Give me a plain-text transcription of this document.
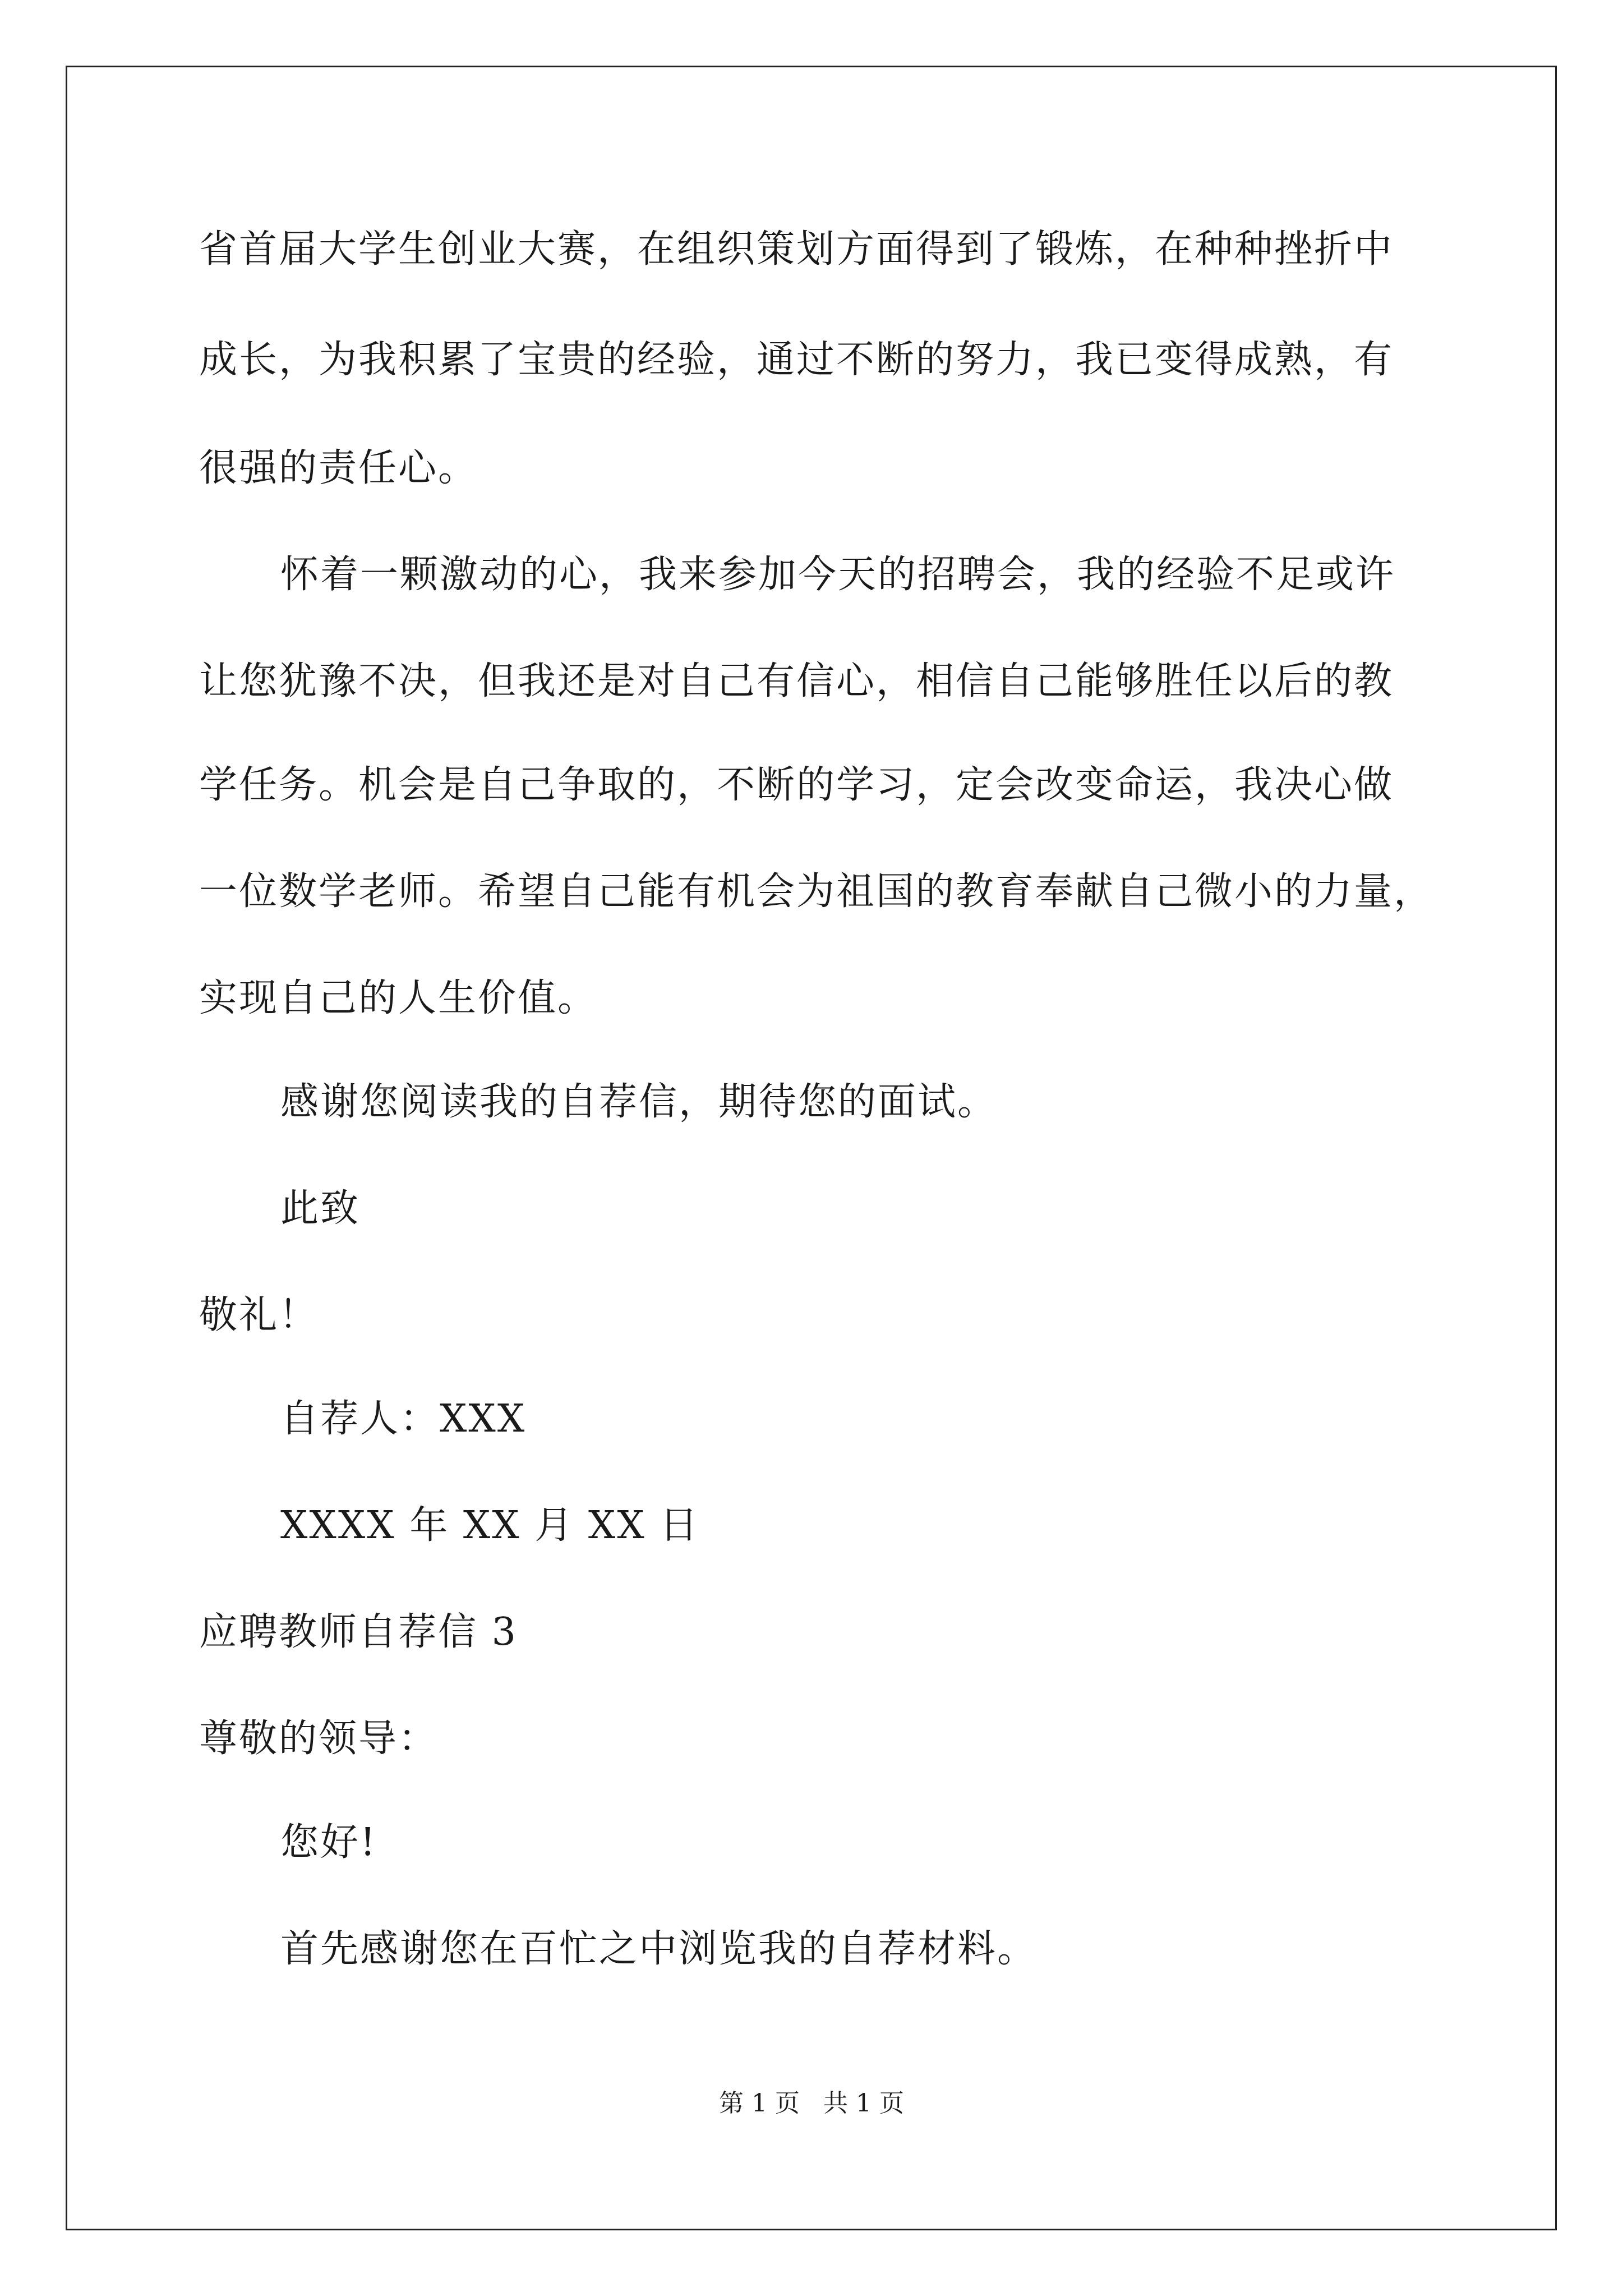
省首届大学生创业大赛，在组织策划方面得到了锻炼，在种种挫折中
成长，为我积累了宝贵的经验，通过不断的努力，我已变得成熟，有
很强的责任心。
怀着一颗激动的心，我来参加今天的招聘会，我的经验不足或许
让您犹豫不决，但我还是对自己有信心，相信自己能够胜任以后的教
学任务。机会是自己争取的，不断的学习，定会改变命运，我决心做
一位数学老师。希望自己能有机会为祖国的教育奉献自己微小的力量，
实现自己的人生价值。
感谢您阅读我的自荐信，期待您的面试。
此致
敬礼！
自荐人：XXX
XXXX 年 XX 月 XX 日
应聘教师自荐信 3
尊敬的领导：
您好!
首先感谢您在百忙之中浏览我的自荐材料。
第 1 页   共 1 页
